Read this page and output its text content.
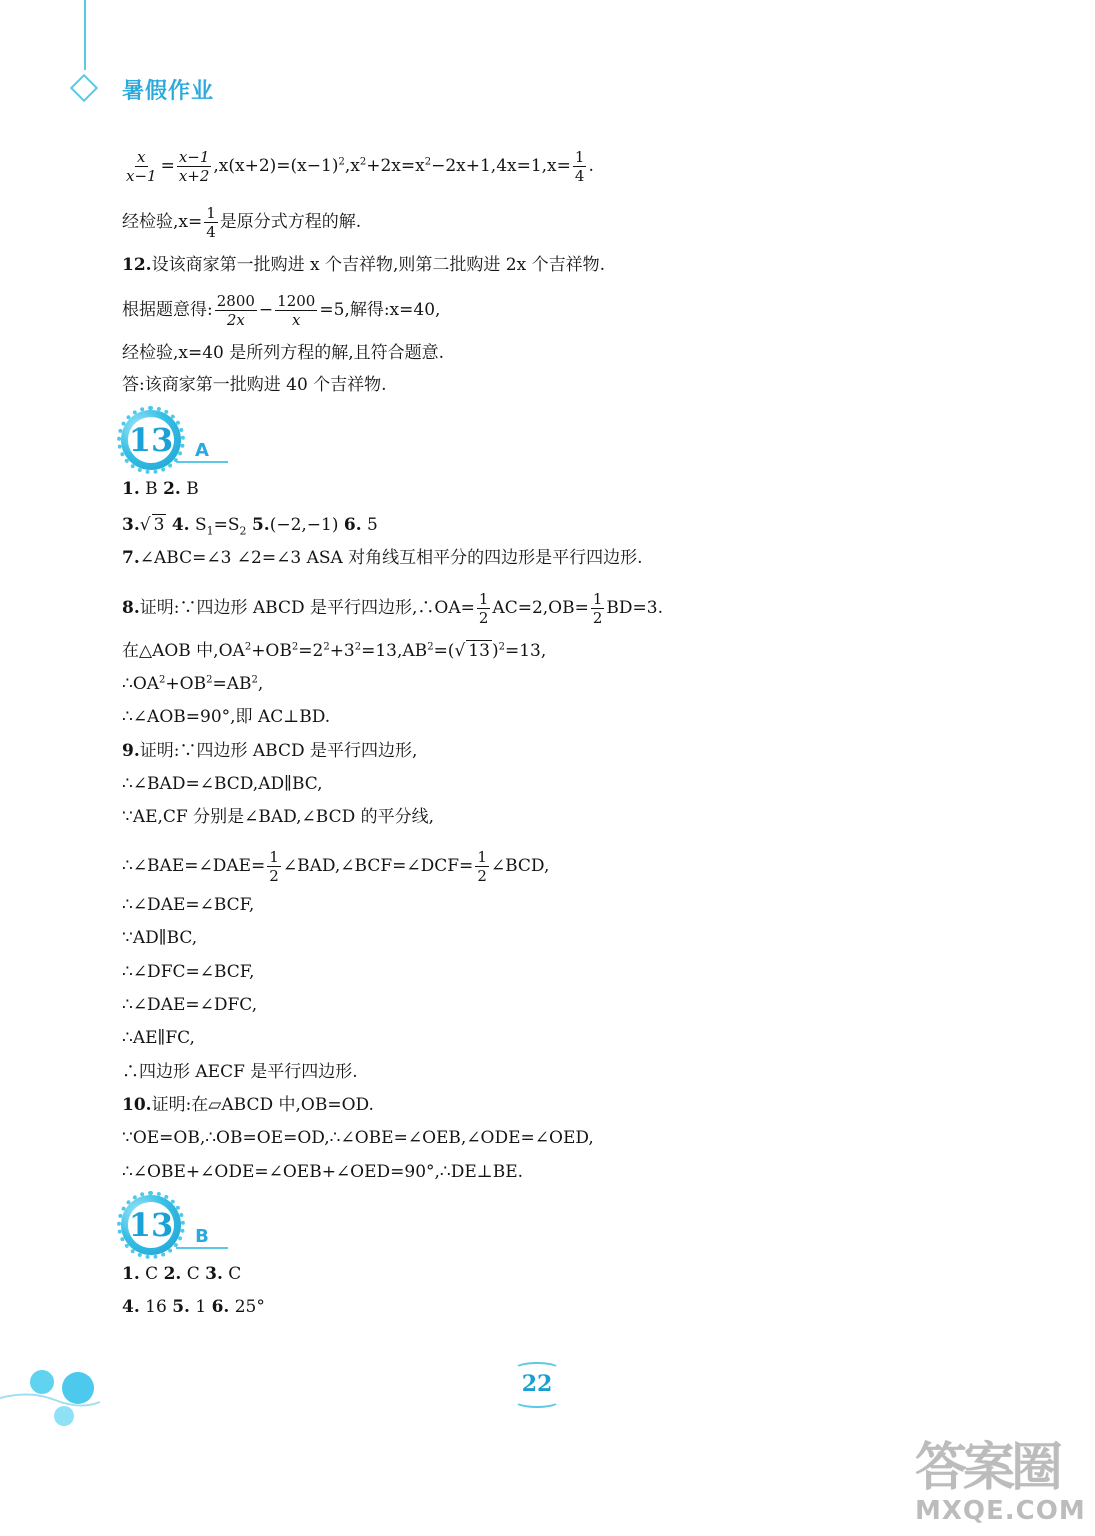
暑假作业
$\frac{x}{x-1} = \frac{x-1}{x+2} ,x(x+2)=(x-1)^2,x^2+2x=x^2-2x+1,4x=1,x= \frac{1}{4}$ .
经检验$,x= \frac{1}{4}$ 是原分式方程的解.
12.设该商家第一批购进 x 个吉祥物,则第二批购进 2x 个吉祥物.
根据题意得: $\frac{2800}{2x} - \frac{1200}{x} =5$,解得:x=40,
经检验,x=40 是所列方程的解,且符合题意.
答:该商家第一批购进 40 个吉祥物.
13	A
1. B 2. B
3.√ 3 4. $S_1=S_2$ 5.(−2,−1) 6. 5
7.∠ABC=∠3 ∠2=∠3 ASA 对角线互相平分的四边形是平行四边形.
8.证明:∵四边形 ABCD 是平行四边形,∴OA= $\frac{1}{2} AC=2,OB= \frac{1}{2} BD=3$.
在△AOB 中$,OA^2+OB^2=2^2+3^2=13,AB^2=(√$ 13 )$^2$=13,
$\therefore OA^2+OB^2=AB^2$,
∴∠AOB=90°,即 AC⊥BD.
9.证明:∵四边形 ABCD 是平行四边形,
∴∠BAD=∠BCD,AD∥BC,
∵AE,CF 分别是∠BAD,∠BCD 的平分线,
∴∠BAE=∠DAE= $\frac{1}{2}$ ∠BAD,∠BCF=∠DCF= $\frac{1}{2}$ ∠BCD,
∴∠DAE=∠BCF,
∵AD∥BC,
∴∠DFC=∠BCF,
∴∠DAE=∠DFC,
∴AE∥FC,
∴四边形 AECF 是平行四边形.
10.证明:在▱ABCD 中,OB=OD.
∵OE=OB,∴OB=OE=OD,∴∠OBE=∠OEB,∠ODE=∠OED,
∴∠OBE+∠ODE=∠OEB+∠OED=90°,∴DE⊥BE.
13	B
1. C 2. C 3. C
4. 16 5. 1 6. 25°
22
答案圈
MXQE.COM
